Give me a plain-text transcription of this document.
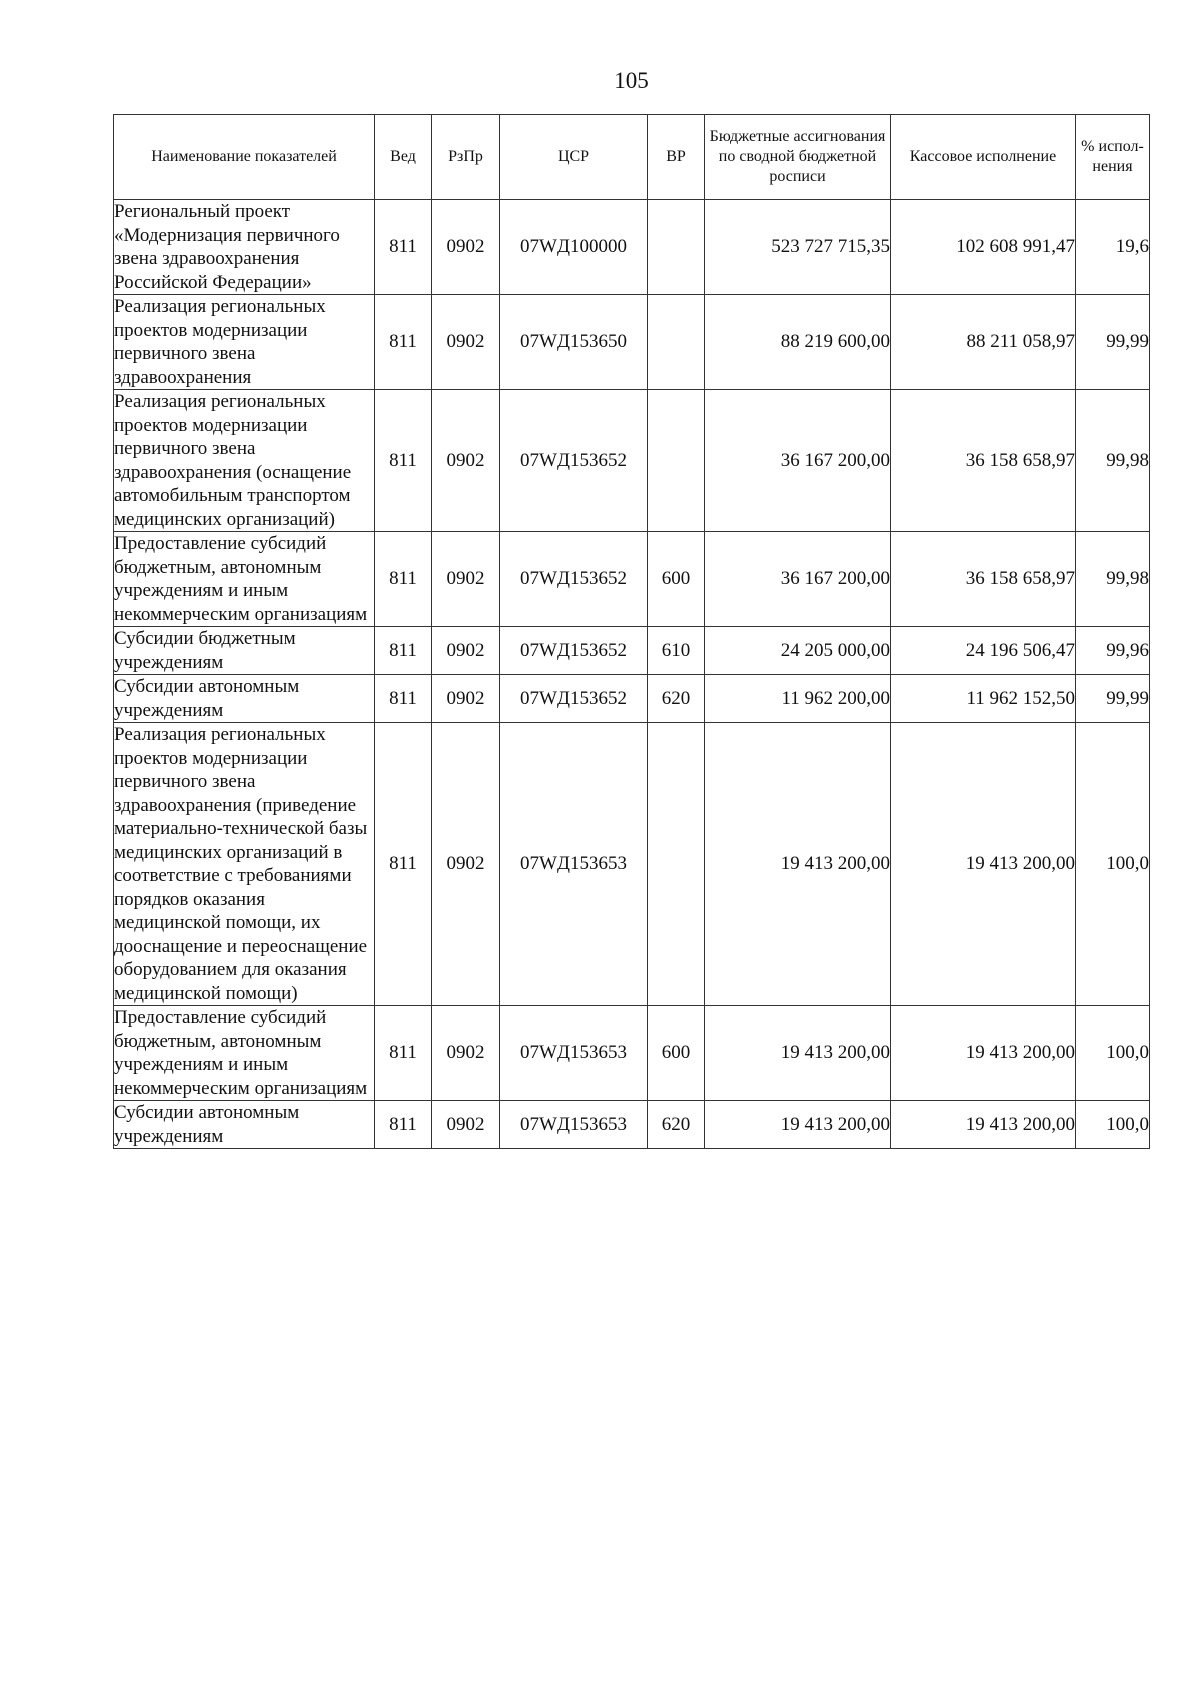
105
Наименование показателей	Вед	РзПр	ЦСР	ВР	Бюджетные ассигнования по сводной бюджетной росписи	Кассовое исполнение	% испол-нения
Региональный проект «Модернизация первичного звена здравоохранения Российской Федерации»	811	0902	07WД100000		523 727 715,35	102 608 991,47	19,6
Реализация региональных проектов модернизации первичного звена здравоохранения	811	0902	07WД153650		88 219 600,00	88 211 058,97	99,99
Реализация региональных проектов модернизации первичного звена здравоохранения (оснащение автомобильным транспортом медицинских организаций)	811	0902	07WД153652		36 167 200,00	36 158 658,97	99,98
Предоставление субсидий бюджетным, автономным учреждениям и иным некоммерческим организациям	811	0902	07WД153652	600	36 167 200,00	36 158 658,97	99,98
Субсидии бюджетным учреждениям	811	0902	07WД153652	610	24 205 000,00	24 196 506,47	99,96
Субсидии автономным учреждениям	811	0902	07WД153652	620	11 962 200,00	11 962 152,50	99,99
Реализация региональных проектов модернизации первичного звена здравоохранения (приведение материально-технической базы медицинских организаций в соответствие с требованиями порядков оказания медицинской помощи, их дооснащение и переоснащение оборудованием для оказания медицинской помощи)	811	0902	07WД153653		19 413 200,00	19 413 200,00	100,0
Предоставление субсидий бюджетным, автономным учреждениям и иным некоммерческим организациям	811	0902	07WД153653	600	19 413 200,00	19 413 200,00	100,0
Субсидии автономным учреждениям	811	0902	07WД153653	620	19 413 200,00	19 413 200,00	100,0
